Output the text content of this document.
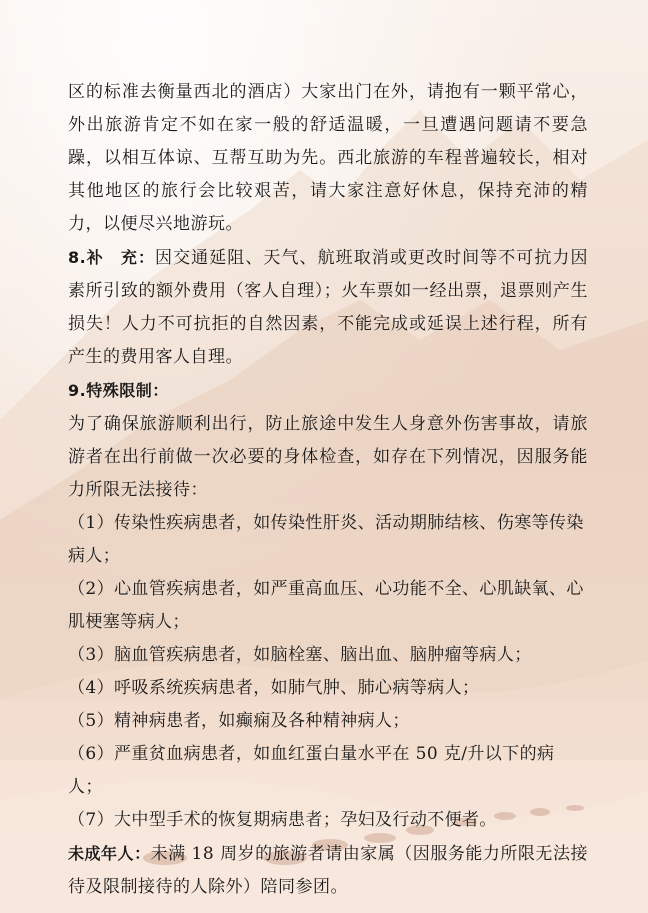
区的标准去衡量西北的酒店）大家出门在外，请抱有一颗平常心，外出旅游肯定不如在家一般的舒适温暖，一旦遭遇问题请不要急躁，以相互体谅、互帮互助为先。西北旅游的车程普遍较长，相对其他地区的旅行会比较艰苦，请大家注意好休息，保持充沛的精力，以便尽兴地游玩。

8.补　充：因交通延阻、天气、航班取消或更改时间等不可抗力因素所引致的额外费用（客人自理）；火车票如一经出票，退票则产生损失！人力不可抗拒的自然因素，不能完成或延误上述行程，所有产生的费用客人自理。

9.特殊限制：

为了确保旅游顺利出行，防止旅途中发生人身意外伤害事故，请旅游者在出行前做一次必要的身体检查，如存在下列情况，因服务能力所限无法接待：

（1）传染性疾病患者，如传染性肝炎、活动期肺结核、伤寒等传染病人；

（2）心血管疾病患者，如严重高血压、心功能不全、心肌缺氧、心肌梗塞等病人；

（3）脑血管疾病患者，如脑栓塞、脑出血、脑肿瘤等病人；

（4）呼吸系统疾病患者，如肺气肿、肺心病等病人；

（5）精神病患者，如癫痫及各种精神病人；

（6）严重贫血病患者，如血红蛋白量水平在 50 克/升以下的病人；

（7）大中型手术的恢复期病患者；孕妇及行动不便者。

未成年人：未满 18 周岁的旅游者请由家属（因服务能力所限无法接待及限制接待的人除外）陪同参团。
